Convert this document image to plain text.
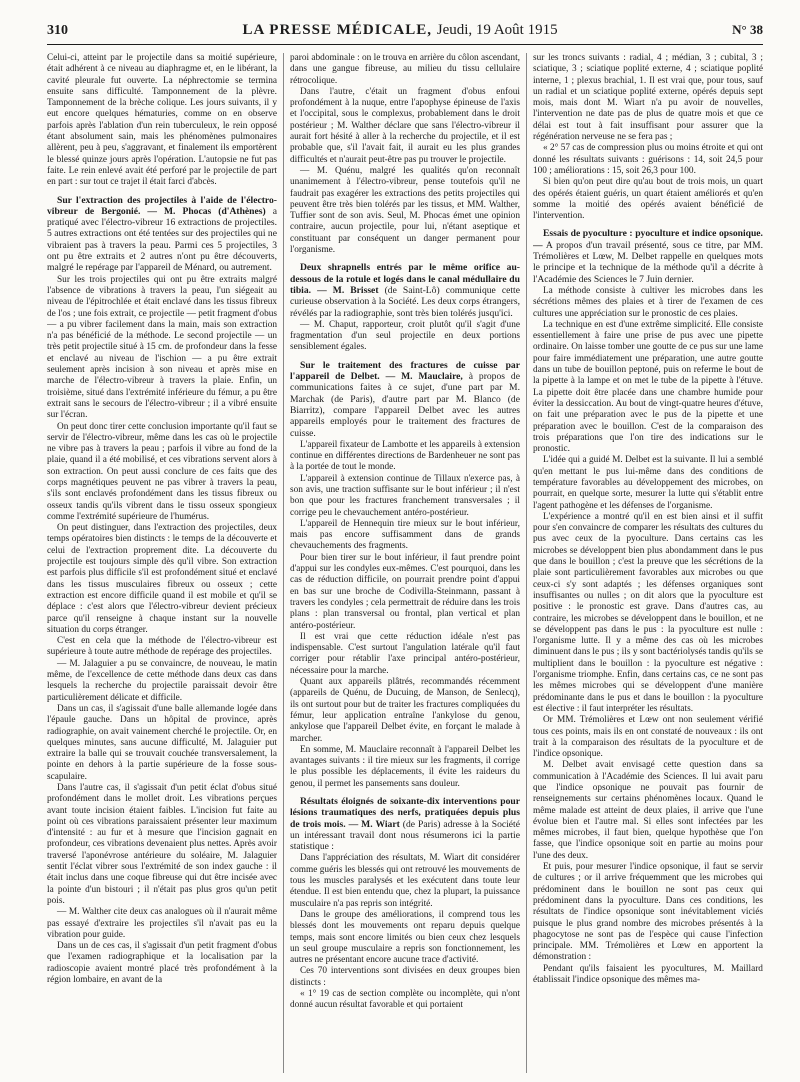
310	LA PRESSE MÉDICALE, Jeudi, 19 Août 1915	N° 38

Celui-ci, atteint par le projectile dans sa moitié supérieure, était adhérent à ce niveau au diaphragme et, en le libérant, la cavité pleurale fut ouverte. La néphrectomie se termina ensuite sans difficulté. Tamponnement de la plèvre. Tamponnement de la brèche colique. Les jours suivants, il y eut encore quelques hématuries, comme on en observe parfois après l'ablation d'un rein tuberculeux, le rein opposé étant absolument sain, mais les phénomènes pulmonaires allèrent, peu à peu, s'aggravant, et finalement ils emportèrent le blessé quinze jours après l'opération. L'autopsie ne fut pas faite. Le rein enlevé avait été perforé par le projectile de part en part : sur tout ce trajet il était farci d'abcès.

Sur l'extraction des projectiles à l'aide de l'électro-vibreur de Bergonié. — M. Phocas (d'Athènes) a pratiqué avec l'électro-vibreur 16 extractions de projectiles. 5 autres extractions ont été tentées sur des projectiles qui ne vibraient pas à travers la peau. Parmi ces 5 projectiles, 3 ont pu être extraits et 2 autres n'ont pu être découverts, malgré le repérage par l'appareil de Ménard, ou autrement.

Sur les trois projectiles qui ont pu être extraits malgré l'absence de vibrations à travers la peau, l'un siégeait au niveau de l'épitrochlée et était enclavé dans les tissus fibreux de l'os ; une fois extrait, ce projectile — petit fragment d'obus — a pu vibrer facilement dans la main, mais son extraction n'a pas bénéficié de la méthode. Le second projectile — un très petit projectile situé à 15 cm. de profondeur dans la fesse et enclavé au niveau de l'ischion — a pu être extrait seulement après incision à son niveau et après mise en marche de l'électro-vibreur à travers la plaie. Enfin, un troisième, situé dans l'extrémité inférieure du fémur, a pu être extrait sans le secours de l'électro-vibreur ; il a vibré ensuite sur l'écran.

On peut donc tirer cette conclusion importante qu'il faut se servir de l'électro-vibreur, même dans les cas où le projectile ne vibre pas à travers la peau ; parfois il vibre au fond de la plaie, quand il a été mobilisé, et ces vibrations servent alors à son extraction. On peut aussi conclure de ces faits que des corps magnétiques peuvent ne pas vibrer à travers la peau, s'ils sont enclavés profondément dans les tissus fibreux ou osseux tandis qu'ils vibrent dans le tissu osseux spongieux comme l'extrémité supérieure de l'humérus.

On peut distinguer, dans l'extraction des projectiles, deux temps opératoires bien distincts : le temps de la découverte et celui de l'extraction proprement dite. La découverte du projectile est toujours simple dès qu'il vibre. Son extraction est parfois plus difficile s'il est profondément situé et enclavé dans les tissus musculaires fibreux ou osseux ; cette extraction est encore difficile quand il est mobile et qu'il se déplace : c'est alors que l'électro-vibreur devient précieux parce qu'il renseigne à chaque instant sur la nouvelle situation du corps étranger.

C'est en cela que la méthode de l'électro-vibreur est supérieure à toute autre méthode de repérage des projectiles.

— M. Jalaguier a pu se convaincre, de nouveau, le matin même, de l'excellence de cette méthode dans deux cas dans lesquels la recherche du projectile paraissait devoir être particulièrement délicate et difficile.

Dans un cas, il s'agissait d'une balle allemande logée dans l'épaule gauche. Dans un hôpital de province, après radiographie, on avait vainement cherché le projectile. Or, en quelques minutes, sans aucune difficulté, M. Jalaguier put extraire la balle qui se trouvait couchée transversalement, la pointe en dehors à la partie supérieure de la fosse sous-scapulaire.

Dans l'autre cas, il s'agissait d'un petit éclat d'obus situé profondément dans le mollet droit. Les vibrations perçues avant toute incision étaient faibles. L'incision fut faite au point où ces vibrations paraissaient présenter leur maximum d'intensité : au fur et à mesure que l'incision gagnait en profondeur, ces vibrations devenaient plus nettes. Après avoir traversé l'aponévrose antérieure du soléaire, M. Jalaguier sentit l'éclat vibrer sous l'extrémité de son index gauche : il était inclus dans une coque fibreuse qui dut être incisée avec la pointe d'un bistouri ; il n'était pas plus gros qu'un petit pois.

— M. Walther cite deux cas analogues où il n'aurait même pas essayé d'extraire les projectiles s'il n'avait pas eu la vibration pour guide.

Dans un de ces cas, il s'agissait d'un petit fragment d'obus que l'examen radiographique et la localisation par la radioscopie avaient montré placé très profondément à la région lombaire, en avant de la

paroi abdominale : on le trouva en arrière du côlon ascendant, dans une gangue fibreuse, au milieu du tissu cellulaire rétrocolique.

Dans l'autre, c'était un fragment d'obus enfoui profondément à la nuque, entre l'apophyse épineuse de l'axis et l'occipital, sous le complexus, probablement dans le droit postérieur ; M. Walther déclare que sans l'électro-vibreur il aurait fort hésité à aller à la recherche du projectile, et il est probable que, s'il l'avait fait, il aurait eu les plus grandes difficultés et n'aurait peut-être pas pu trouver le projectile.

— M. Quénu, malgré les qualités qu'on reconnaît unanimement à l'électro-vibreur, pense toutefois qu'il ne faudrait pas exagérer les extractions des petits projectiles qui peuvent être très bien tolérés par les tissus, et MM. Walther, Tuffier sont de son avis. Seul, M. Phocas émet une opinion contraire, aucun projectile, pour lui, n'étant aseptique et constituant par conséquent un danger permanent pour l'organisme.

Deux shrapnells entrés par le même orifice au-dessous de la rotule et logés dans le canal médullaire du tibia. — M. Brisset (de Saint-Lô) communique cette curieuse observation à la Société. Les deux corps étrangers, révélés par la radiographie, sont très bien tolérés jusqu'ici.

— M. Chaput, rapporteur, croit plutôt qu'il s'agit d'une fragmentation d'un seul projectile en deux portions sensiblement égales.

Sur le traitement des fractures de cuisse par l'appareil de Delbet. — M. Mauclaire, à propos de communications faites à ce sujet, d'une part par M. Marchak (de Paris), d'autre part par M. Blanco (de Biarritz), compare l'appareil Delbet avec les autres appareils employés pour le traitement des fractures de cuisse.

L'appareil fixateur de Lambotte et les appareils à extension continue en différentes directions de Bardenheuer ne sont pas à la portée de tout le monde.

L'appareil à extension continue de Tillaux n'exerce pas, à son avis, une traction suffisante sur le bout inférieur ; il n'est bon que pour les fractures franchement transversales ; il corrige peu le chevauchement antéro-postérieur.

L'appareil de Hennequin tire mieux sur le bout inférieur, mais pas encore suffisamment dans de grands chevauchements des fragments.

Pour bien tirer sur le bout inférieur, il faut prendre point d'appui sur les condyles eux-mêmes. C'est pourquoi, dans les cas de réduction difficile, on pourrait prendre point d'appui en bas sur une broche de Codivilla-Steinmann, passant à travers les condyles ; cela permettrait de réduire dans les trois plans : plan transversal ou frontal, plan vertical et plan antéro-postérieur.

Il est vrai que cette réduction idéale n'est pas indispensable. C'est surtout l'angulation latérale qu'il faut corriger pour rétablir l'axe principal antéro-postérieur, nécessaire pour la marche.

Quant aux appareils plâtrés, recommandés récemment (appareils de Quénu, de Ducuing, de Manson, de Senlecq), ils ont surtout pour but de traiter les fractures compliquées du fémur, leur application entraîne l'ankylose du genou, ankylose que l'appareil Delbet évite, en forçant le malade à marcher.

En somme, M. Mauclaire reconnaît à l'appareil Delbet les avantages suivants : il tire mieux sur les fragments, il corrige le plus possible les déplacements, il évite les raideurs du genou, il permet les pansements sans douleur.

Résultats éloignés de soixante-dix interventions pour lésions traumatiques des nerfs, pratiquées depuis plus de trois mois. — M. Wiart (de Paris) adresse à la Société un intéressant travail dont nous résumerons ici la partie statistique :

Dans l'appréciation des résultats, M. Wiart dit considérer comme guéris les blessés qui ont retrouvé les mouvements de tous les muscles paralysés et les exécutent dans toute leur étendue. Il est bien entendu que, chez la plupart, la puissance musculaire n'a pas repris son intégrité.

Dans le groupe des améliorations, il comprend tous les blessés dont les mouvements ont reparu depuis quelque temps, mais sont encore limités ou bien ceux chez lesquels un seul groupe musculaire a repris son fonctionnement, les autres ne présentant encore aucune trace d'activité.

Ces 70 interventions sont divisées en deux groupes bien distincts :

« 1° 19 cas de section complète ou incomplète, qui n'ont donné aucun résultat favorable et qui portaient

sur les troncs suivants : radial, 4 ; médian, 3 ; cubital, 3 ; sciatique, 3 ; sciatique poplité externe, 4 ; sciatique poplité interne, 1 ; plexus brachial, 1. Il est vrai que, pour tous, sauf un radial et un sciatique poplité externe, opérés depuis sept mois, mais dont M. Wiart n'a pu avoir de nouvelles, l'intervention ne date pas de plus de quatre mois et que ce délai est tout à fait insuffisant pour assurer que la régénération nerveuse ne se fera pas ;

« 2° 57 cas de compression plus ou moins étroite et qui ont donné les résultats suivants : guérisons : 14, soit 24,5 pour 100 ; améliorations : 15, soit 26,3 pour 100.

Si bien qu'on peut dire qu'au bout de trois mois, un quart des opérés étaient guéris, un quart étaient améliorés et qu'en somme la moitié des opérés avaient bénéficié de l'intervention.

Essais de pyoculture : pyoculture et indice opsonique. — A propos d'un travail présenté, sous ce titre, par MM. Trémolières et Lœw, M. Delbet rappelle en quelques mots le principe et la technique de la méthode qu'il a décrite à l'Académie des Sciences le 7 Juin dernier.

La méthode consiste à cultiver les microbes dans les sécrétions mêmes des plaies et à tirer de l'examen de ces cultures une appréciation sur le pronostic de ces plaies.

La technique en est d'une extrême simplicité. Elle consiste essentiellement à faire une prise de pus avec une pipette ordinaire. On laisse tomber une goutte de ce pus sur une lame pour faire immédiatement une préparation, une autre goutte dans un tube de bouillon peptoné, puis on referme le bout de la pipette à la lampe et on met le tube de la pipette à l'étuve. La pipette doit être placée dans une chambre humide pour éviter la dessiccation. Au bout de vingt-quatre heures d'étuve, on fait une préparation avec le pus de la pipette et une préparation avec le bouillon. C'est de la comparaison des trois préparations que l'on tire des indications sur le pronostic.

L'idée qui a guidé M. Delbet est la suivante. Il lui a semblé qu'en mettant le pus lui-même dans des conditions de température favorables au développement des microbes, on pourrait, en quelque sorte, mesurer la lutte qui s'établit entre l'agent pathogène et les défenses de l'organisme.

L'expérience a montré qu'il en est bien ainsi et il suffit pour s'en convaincre de comparer les résultats des cultures du pus avec ceux de la pyoculture. Dans certains cas les microbes se développent bien plus abondamment dans le pus que dans le bouillon ; c'est la preuve que les sécrétions de la plaie sont particulièrement favorables aux microbes ou que ceux-ci s'y sont adaptés ; les défenses organiques sont insuffisantes ou nulles ; on dit alors que la pyoculture est positive : le pronostic est grave. Dans d'autres cas, au contraire, les microbes se développent dans le bouillon, et ne se développent pas dans le pus : la pyoculture est nulle : l'organisme lutte. Il y a même des cas où les microbes diminuent dans le pus ; ils y sont bactériolysés tandis qu'ils se multiplient dans le bouillon : la pyoculture est négative : l'organisme triomphe. Enfin, dans certains cas, ce ne sont pas les mêmes microbes qui se développent d'une manière prédominante dans le pus et dans le bouillon : la pyoculture est élective : il faut interpréter les résultats.

Or MM. Trémolières et Lœw ont non seulement vérifié tous ces points, mais ils en ont constaté de nouveaux : ils ont trait à la comparaison des résultats de la pyoculture et de l'indice opsonique.

M. Delbet avait envisagé cette question dans sa communication à l'Académie des Sciences. Il lui avait paru que l'indice opsonique ne pouvait pas fournir de renseignements sur certains phénomènes locaux. Quand le même malade est atteint de deux plaies, il arrive que l'une évolue bien et l'autre mal. Si elles sont infectées par les mêmes microbes, il faut bien, quelque hypothèse que l'on fasse, que l'indice opsonique soit en partie au moins pour l'une des deux.

Et puis, pour mesurer l'indice opsonique, il faut se servir de cultures ; or il arrive fréquemment que les microbes qui prédominent dans le bouillon ne sont pas ceux qui prédominent dans la pyoculture. Dans ces conditions, les résultats de l'indice opsonique sont inévitablement viciés puisque le plus grand nombre des microbes présentés à la phagocytose ne sont pas de l'espèce qui cause l'infection principale. MM. Trémolières et Lœw en apportent la démonstration :

Pendant qu'ils faisaient les pyocultures, M. Maillard établissait l'indice opsonique des mêmes ma-
